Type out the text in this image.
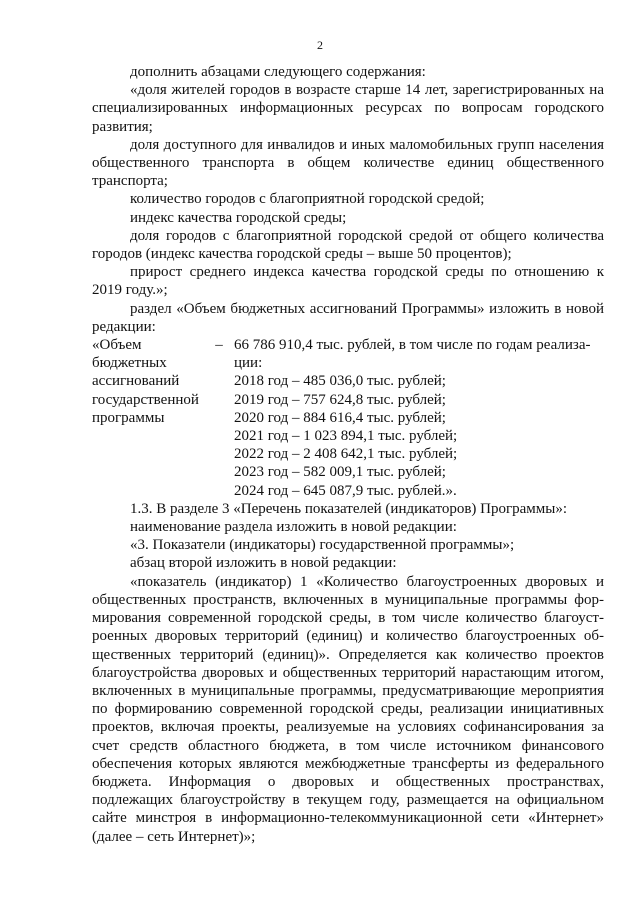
2

дополнить абзацами следующего содержания:

«доля жителей городов в возрасте старше 14 лет, зарегистрированных на специализированных информационных ресурсах по вопросам городского развития;

доля доступного для инвалидов и иных маломобильных групп населения общественного транспорта в общем количестве единиц общественного транспорта;

количество городов с благоприятной городской средой;

индекс качества городской среды;

доля городов с благоприятной городской средой от общего количества городов (индекс качества городской среды – выше 50 процентов);

прирост среднего индекса качества городской среды по отношению к 2019 году.»;

раздел «Объем бюджетных ассигнований Программы» изложить в новой редакции:

«Объем
бюджетных
ассигнований
государственной
программы
– 66 786 910,4 тыс. рублей, в том числе по годам реализа-
ции:
2018 год – 485 036,0 тыс. рублей;
2019 год – 757 624,8 тыс. рублей;
2020 год – 884 616,4 тыс. рублей;
2021 год – 1 023 894,1 тыс. рублей;
2022 год – 2 408 642,1 тыс. рублей;
2023 год – 582 009,1 тыс. рублей;
2024 год – 645 087,9 тыс. рублей.».

1.3. В разделе 3 «Перечень показателей (индикаторов) Программы»:

наименование раздела изложить в новой редакции:

«3. Показатели (индикаторы) государственной программы»;

абзац второй изложить в новой редакции:

«показатель (индикатор) 1 «Количество благоустроенных дворовых и общественных пространств, включенных в муниципальные программы формирования современной городской среды, в том числе количество благоустроенных дворовых территорий (единиц) и количество благоустроенных общественных территорий (единиц)». Определяется как количество проектов благоустройства дворовых и общественных территорий нарастающим итогом, включенных в муниципальные программы, предусматривающие мероприятия по формированию современной городской среды, реализации инициативных проектов, включая проекты, реализуемые на условиях софинансирования за счет средств областного бюджета, в том числе источником финансового обеспечения которых являются межбюджетные трансферты из федерального бюджета. Информация о дворовых и общественных пространствах, подлежащих благоустройству в текущем году, размещается на официальном сайте минстроя в информационно-телекоммуникационной сети «Интернет» (далее – сеть Интернет)»;
